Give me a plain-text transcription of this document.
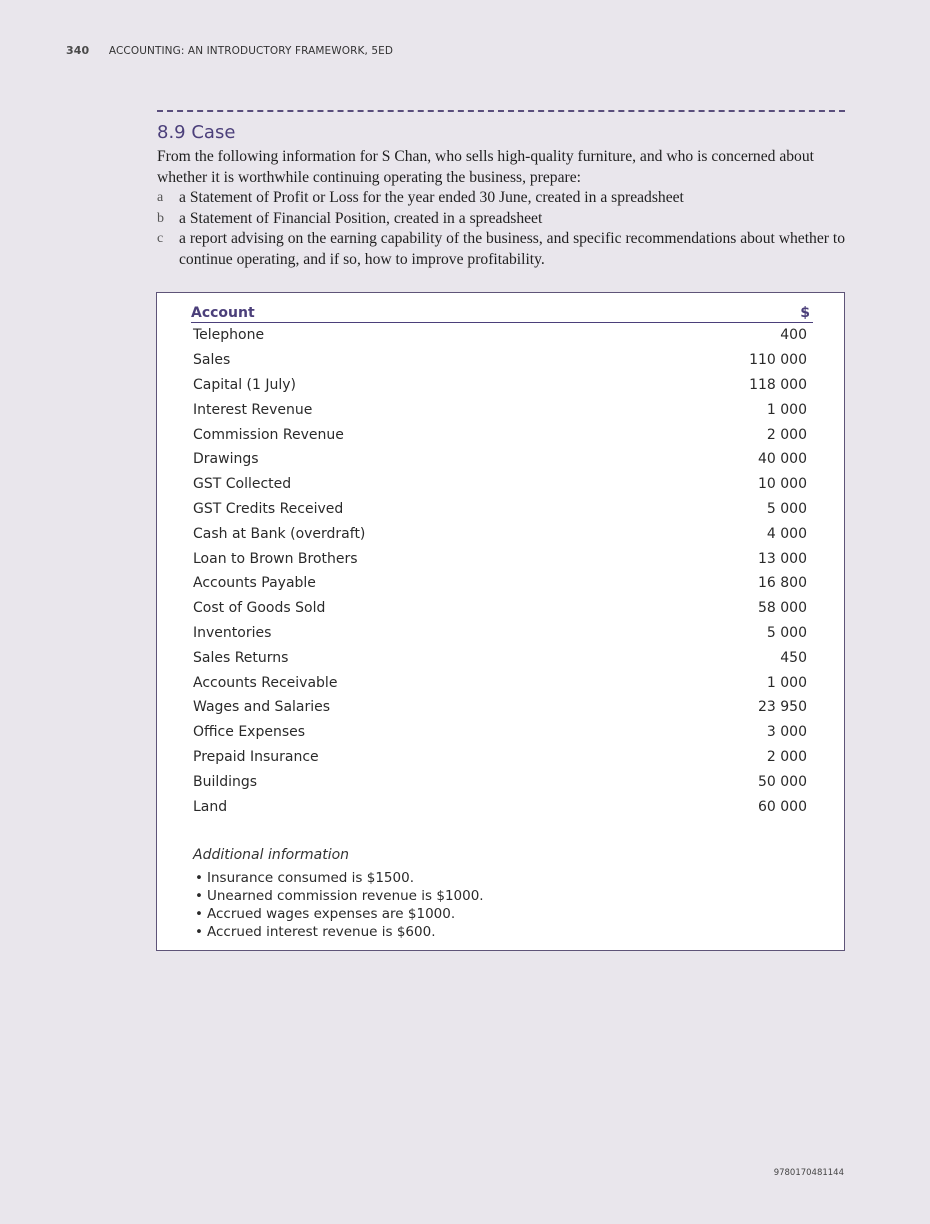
340 ACCOUNTING: AN INTRODUCTORY FRAMEWORK, 5ED
8.9 Case
From the following information for S Chan, who sells high-quality furniture, and who is concerned about whether it is worthwhile continuing operating the business, prepare:
a a Statement of Profit or Loss for the year ended 30 June, created in a spreadsheet
b a Statement of Financial Position, created in a spreadsheet
c a report advising on the earning capability of the business, and specific recommendations about whether to continue operating, and if so, how to improve profitability.
Account	$
Telephone	400
Sales	110 000
Capital (1 July)	118 000
Interest Revenue	1 000
Commission Revenue	2 000
Drawings	40 000
GST Collected	10 000
GST Credits Received	5 000
Cash at Bank (overdraft)	4 000
Loan to Brown Brothers	13 000
Accounts Payable	16 800
Cost of Goods Sold	58 000
Inventories	5 000
Sales Returns	450
Accounts Receivable	1 000
Wages and Salaries	23 950
Office Expenses	3 000
Prepaid Insurance	2 000
Buildings	50 000
Land	60 000
Additional information
• Insurance consumed is $1500.
• Unearned commission revenue is $1000.
• Accrued wages expenses are $1000.
• Accrued interest revenue is $600.
9780170481144
